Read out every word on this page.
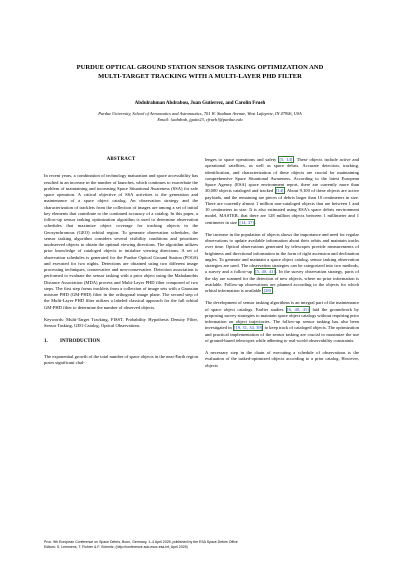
PURDUE OPTICAL GROUND STATION SENSOR TASKING OPTIMIZATION AND
MULTI-TARGET TRACKING WITH A MULTI-LAYER PHD FILTER
Abdulrahman Abdrabou, Juan Gutierrez, and Carolin Frueh
Purdue University, School of Aeronautics and Astronautics, 701 W. Stadium Avenue, West Lafayette, IN 47906, USA
Email: {aabdrab, jgutie23, cfrueh}@purdue.edu
ABSTRACT

In recent years, a combination of technology maturation and space accessibility has resulted in an increase in the number of launches, which continues to exacerbate the problem of maintaining and increasing Space Situational Awareness (SSA) for safe space operation. A critical objective of SSA activities is the generation and maintenance of a space object catalog. An observation strategy and the characterization of tracklets from the collection of images are among a set of initial key elements that contribute to the continued accuracy of a catalog. In this paper, a follow-up sensor tasking optimization algorithm is used to determine observation schedules that maximize object coverage for tracking objects in the Geosynchronous (GEO) orbital region. To generate observation schedules, the sensor tasking algorithm considers several visibility conditions and prioritizes unobserved objects to obtain the optimal viewing directions. The algorithm utilizes prior knowledge of cataloged objects to initialize viewing directions. A set of observation schedules is generated for the Purdue Optical Ground Station (POGS) and executed for two nights. Detections are obtained using two different image processing techniques, conservative and non-conservative. Detection association is performed to evaluate the sensor tasking with a prior object using the Mahalanobis Distance Association (MDA) process and Multi-Layer PHD filter composed of two steps. The first step forms tracklets from a collection of image sets with a Gaussian mixture PHD (GM-PHD) filter in the orthogonal image plane. The second step of the Multi-Layer PHD filter utilizes a labeled classical approach for the full orbital GM-PHD filter to determine the number of observed objects.

Keywords: Multi-Target Tracking, FISST, Probability Hypothesis Density Filter, Sensor Tasking, GEO Catalog, Optical Observations.

1. INTRODUCTION

The exponential growth of the total number of space objects in the near-Earth region poses significant chal-

lenges to space operations and safety [5, 14]. These objects include active and operational satellites, as well as space debris. Accurate detection, tracking, identification, and characterization of these objects are crucial for maintaining comprehensive Space Situational Awareness. According to the latest European Space Agency (ESA) space environment report, there are currently more than 30,000 objects cataloged and tracked [14]. About 9,100 of these objects are active payloads, and the remaining are pieces of debris larger than 10 centimeters in size. There are currently almost 1 million non-cataloged objects that are between 1 and 10 centimeters in size. It is also estimated using ESA's space debris environment model, MASTER, that there are 128 million objects between 1 millimeter and 1 centimeter in size [14, 37].

The increase in the population of objects shows the importance and need for regular observations to update available information about their orbits and maintain tracks over time. Optical observations generated by telescopes provide measurements of brightness and directional information in the form of right ascension and declination angles. To generate and maintain a space object catalog, sensor tasking observation strategies are used. The observation strategies can be categorized into two methods, a survey and a follow-up [5, 40, 41]. In the survey observation strategy, parts of the sky are scanned for the detection of new objects, where no prior information is available. Follow-up observations are planned according to the objects for which orbital information is available [28].

The development of sensor tasking algorithms is an integral part of the maintenance of space object catalogs. Earlier studies [6, 40, 41] laid the groundwork by proposing survey strategies to maintain space object catalogs without requiring prior information on object trajectories. The follow-up sensor tasking has also been investigated in [19, 31, 34, 39] to keep track of cataloged objects. The optimization and practical implementation of the sensor tasking are crucial to maximize the use of ground-based telescopes while adhering to real-world observability constraints.

A necessary step in the chain of executing a schedule of observations is the evaluation of the tasked-optimized objects according to a prior catalog. However, objects

Proc. 9th European Conference on Space Debris, Bonn, Germany, 1–4 April 2025, published by the ESA Space Debris Office
Editors: S. Lemmens, T. Flohrer & F. Schmitz, (http://conference.sdo.esoc.esa.int, April 2025)
